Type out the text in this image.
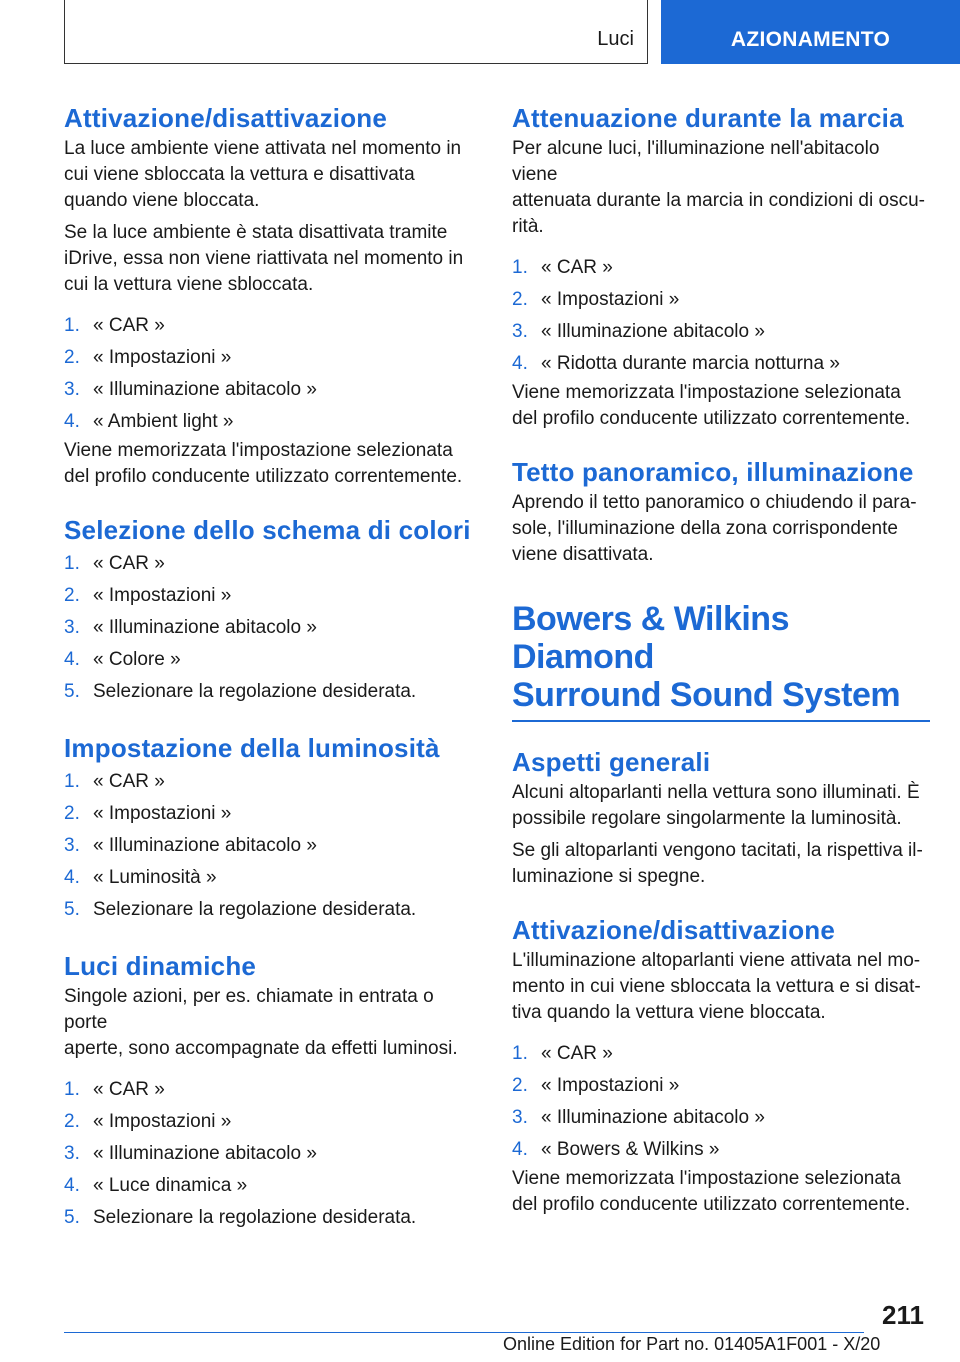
Luci	AZIONAMENTO
Attivazione/disattivazione

La luce ambiente viene attivata nel momento in
cui viene sbloccata la vettura e disattivata
quando viene bloccata.

Se la luce ambiente è stata disattivata tramite
iDrive, essa non viene riattivata nel momento in
cui la vettura viene sbloccata.

1. « CAR »
2. « Impostazioni »
3. « Illuminazione abitacolo »
4. « Ambient light »

Viene memorizzata l'impostazione selezionata
del profilo conducente utilizzato correntemente.

Selezione dello schema di colori
1. « CAR »
2. « Impostazioni »
3. « Illuminazione abitacolo »
4. « Colore »
5. Selezionare la regolazione desiderata.
Impostazione della luminosità
1. « CAR »
2. « Impostazioni »
3. « Illuminazione abitacolo »
4. « Luminosità »
5. Selezionare la regolazione desiderata.
Luci dinamiche

Singole azioni, per es. chiamate in entrata o porte
aperte, sono accompagnate da effetti luminosi.

1. « CAR »
2. « Impostazioni »
3. « Illuminazione abitacolo »
4. « Luce dinamica »
5. Selezionare la regolazione desiderata.
Attenuazione durante la marcia

Per alcune luci, l'illuminazione nell'abitacolo viene
attenuata durante la marcia in condizioni di oscu-
rità.

1. « CAR »
2. « Impostazioni »
3. « Illuminazione abitacolo »
4. « Ridotta durante marcia notturna »

Viene memorizzata l'impostazione selezionata
del profilo conducente utilizzato correntemente.

Tetto panoramico, illuminazione

Aprendo il tetto panoramico o chiudendo il para-
sole, l'illuminazione della zona corrispondente
viene disattivata.

Bowers & Wilkins Diamond
Surround Sound System
Aspetti generali

Alcuni altoparlanti nella vettura sono illuminati. È
possibile regolare singolarmente la luminosità.

Se gli altoparlanti vengono tacitati, la rispettiva il-
luminazione si spegne.

Attivazione/disattivazione

L'illuminazione altoparlanti viene attivata nel mo-
mento in cui viene sbloccata la vettura e si disat-
tiva quando la vettura viene bloccata.

1. « CAR »
2. « Impostazioni »
3. « Illuminazione abitacolo »
4. « Bowers & Wilkins »

Viene memorizzata l'impostazione selezionata
del profilo conducente utilizzato correntemente.

211
Online Edition for Part no. 01405A1F001 - X/20
